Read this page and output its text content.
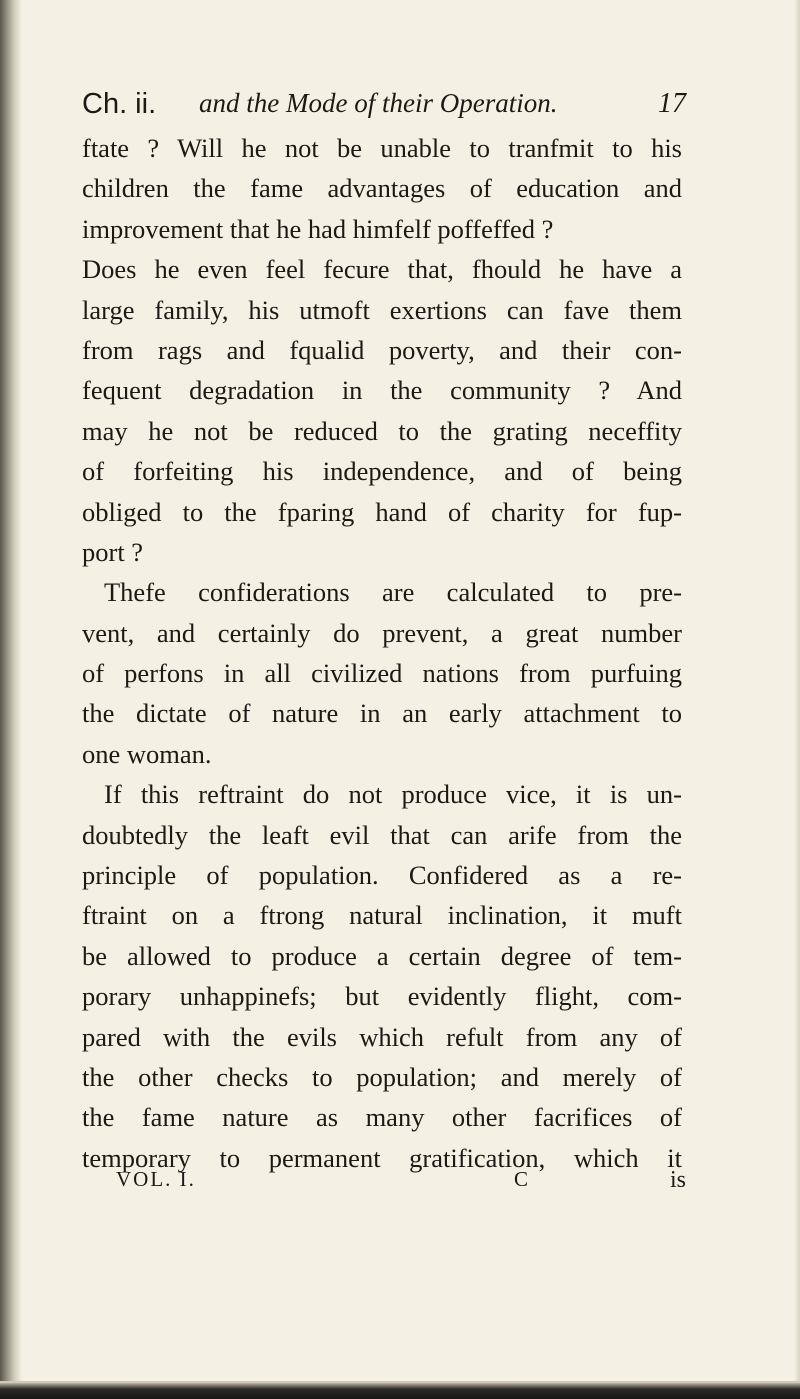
Ch. ii. and the Mode of their Operation.	17
ftate ? Will he not be unable to tranfmit to his
children the fame advantages of education and
improvement that he had himfelf poffeffed ?
Does he even feel fecure that, fhould he have a
large family, his utmoft exertions can fave them
from rags and fqualid poverty, and their con-
fequent degradation in the community ? And
may he not be reduced to the grating neceffity
of forfeiting his independence, and of being
obliged to the fparing hand of charity for fup-
port ?
Thefe confiderations are calculated to pre-
vent, and certainly do prevent, a great number
of perfons in all civilized nations from purfuing
the dictate of nature in an early attachment to
one woman.
If this reftraint do not produce vice, it is un-
doubtedly the leaft evil that can arife from the
principle of population. Confidered as a re-
ftraint on a ftrong natural inclination, it muft
be allowed to produce a certain degree of tem-
porary unhappinefs; but evidently flight, com-
pared with the evils which refult from any of
the other checks to population; and merely of
the fame nature as many other facrifices of
temporary to permanent gratification, which it
VOL. I.	C	is
